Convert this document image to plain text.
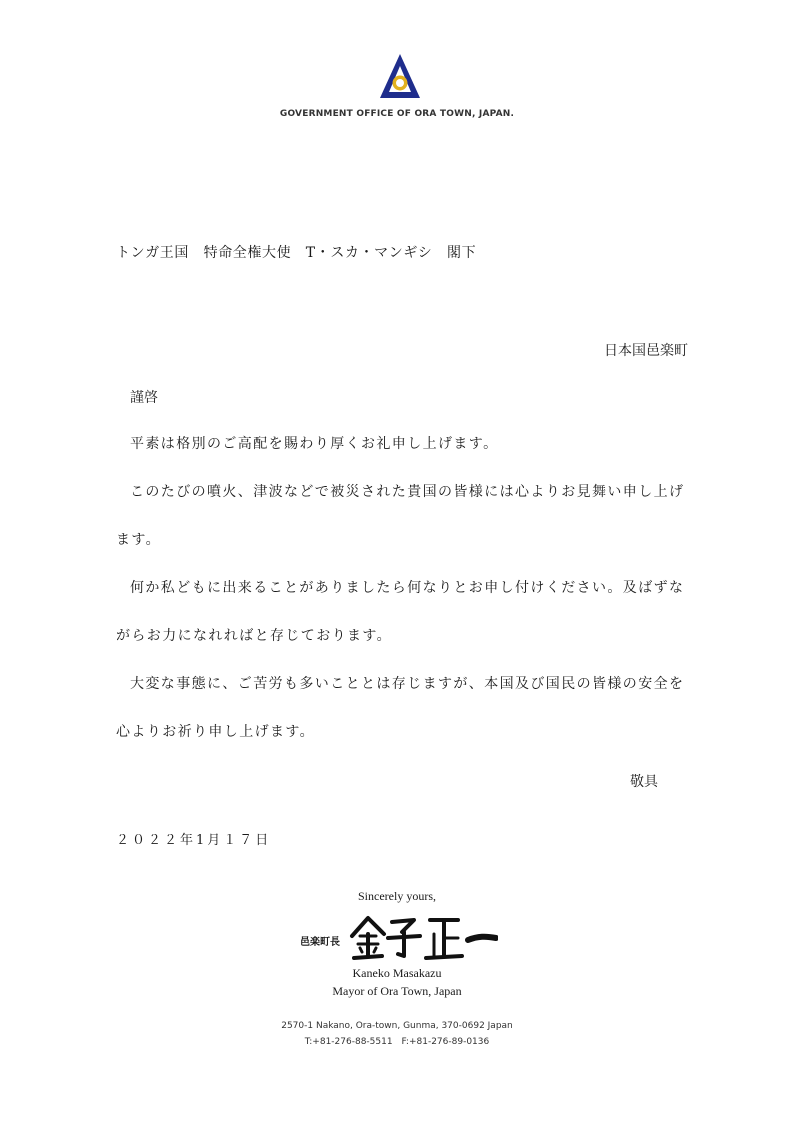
GOVERNMENT OFFICE OF ORA TOWN, JAPAN.
トンガ王国　特命全権大使　T・スカ・マンギシ　閣下
日本国邑楽町
謹啓
平素は格別のご高配を賜わり厚くお礼申し上げます。
このたびの噴火、津波などで被災された貴国の皆様には心よりお見舞い申し上げます。
何か私どもに出来ることがありましたら何なりとお申し付けください。及ばずながらお力になれればと存じております。
大変な事態に、ご苦労も多いこととは存じますが、本国及び国民の皆様の安全を心よりお祈り申し上げます。
敬具
２０２２年1月１７日
Sincerely yours,
邑楽町長
Kaneko Masakazu
Mayor of Ora Town, Japan
2570-1 Nakano, Ora-town, Gunma, 370-0692 Japan
T:+81-276-88-5511 F:+81-276-89-0136
